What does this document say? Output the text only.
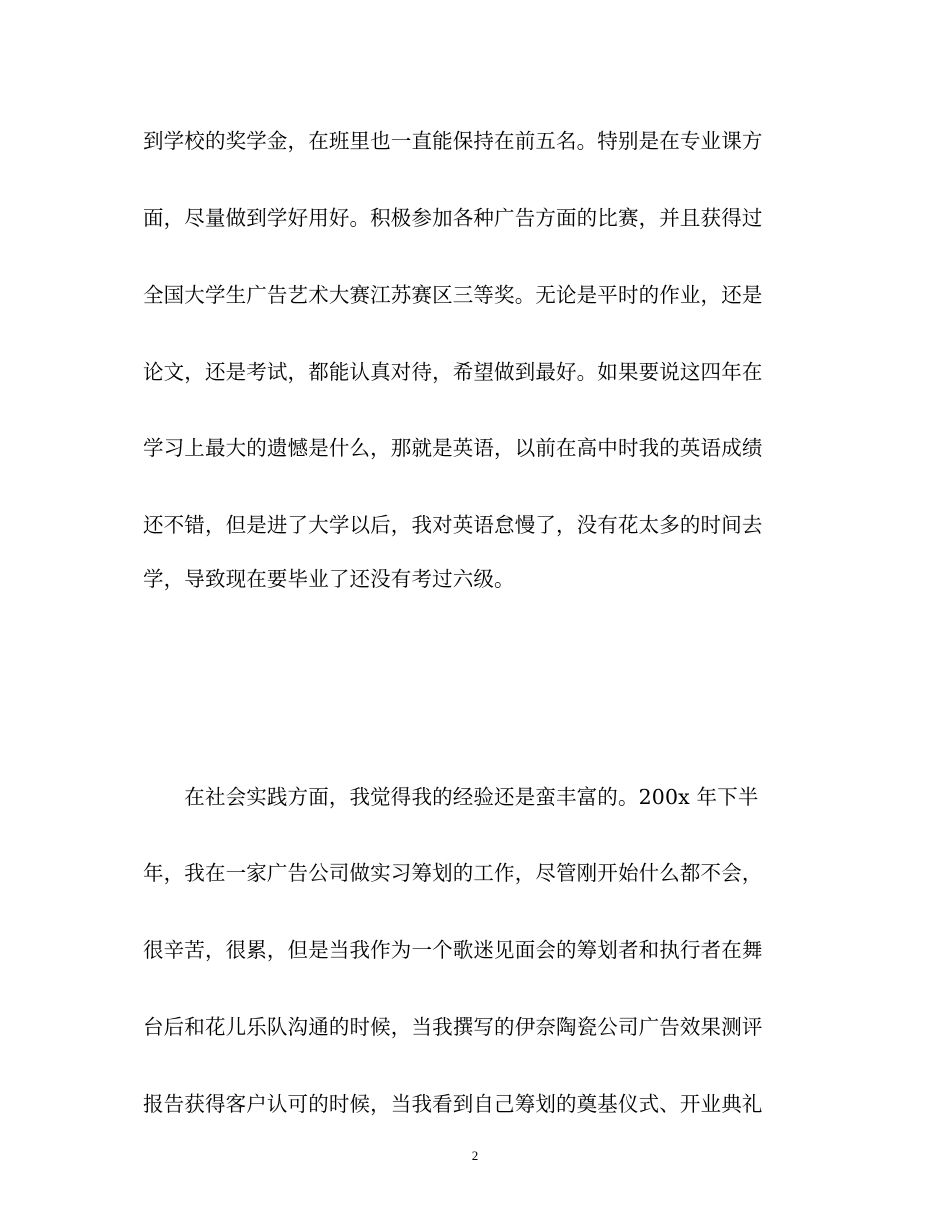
到学校的奖学金，在班里也一直能保持在前五名。特别是在专业课方
面，尽量做到学好用好。积极参加各种广告方面的比赛，并且获得过
全国大学生广告艺术大赛江苏赛区三等奖。无论是平时的作业，还是
论文，还是考试，都能认真对待，希望做到最好。如果要说这四年在
学习上最大的遗憾是什么，那就是英语，以前在高中时我的英语成绩
还不错，但是进了大学以后，我对英语怠慢了，没有花太多的时间去
学，导致现在要毕业了还没有考过六级。
　　在社会实践方面，我觉得我的经验还是蛮丰富的。200x 年下半
年，我在一家广告公司做实习筹划的工作，尽管刚开始什么都不会，
很辛苦，很累，但是当我作为一个歌迷见面会的筹划者和执行者在舞
台后和花儿乐队沟通的时候，当我撰写的伊奈陶瓷公司广告效果测评
报告获得客户认可的时候，当我看到自己筹划的奠基仪式、开业典礼
2
